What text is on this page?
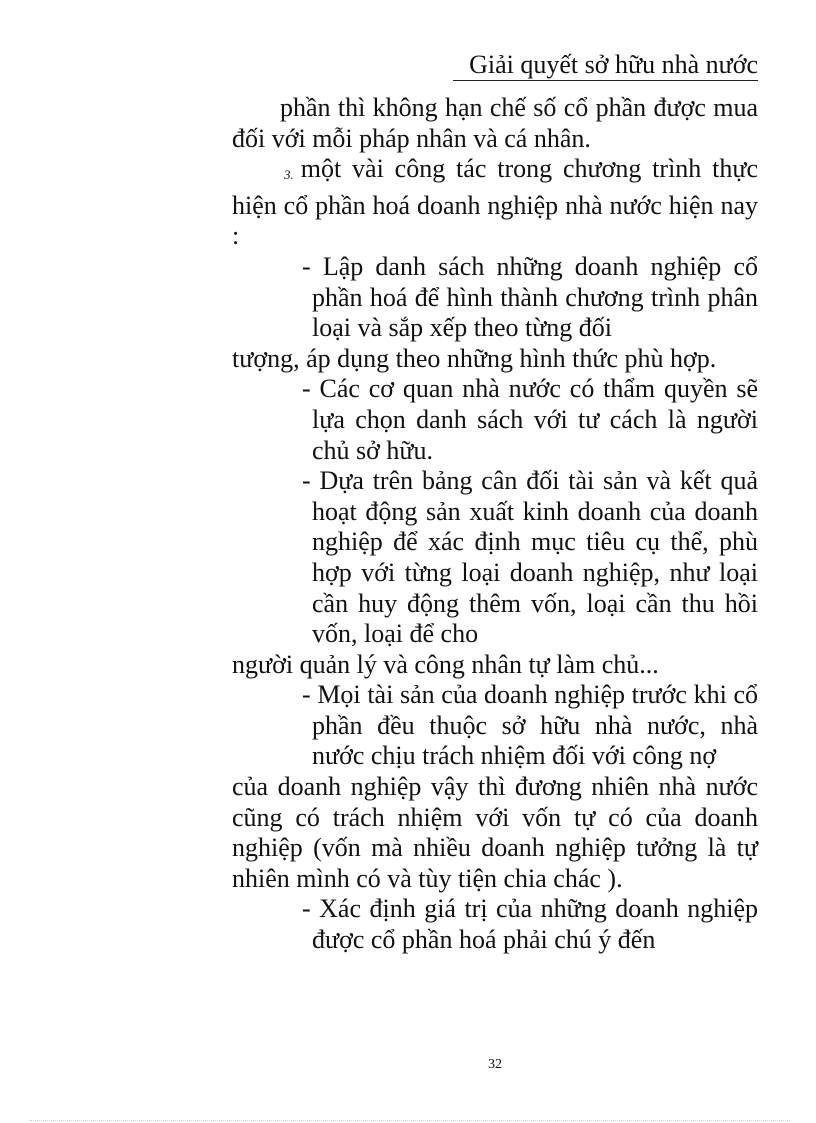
Giải quyết sở hữu nhà nước

phần thì không hạn chế số cổ phần được mua đối với mỗi pháp nhân và cá nhân.

3. một vài công tác trong chương trình thực hiện cổ phần hoá doanh nghiệp nhà nước hiện nay :

- Lập danh sách những doanh nghiệp cổ phần hoá để hình thành chương trình phân loại và sắp xếp theo từng đối

tượng, áp dụng theo những hình thức phù hợp.

- Các cơ quan nhà nước có thẩm quyền sẽ lựa chọn danh sách với tư cách là người chủ sở hữu.

- Dựa trên bảng cân đối tài sản và kết quả hoạt động sản xuất kinh doanh của doanh nghiệp để xác định mục tiêu cụ thể, phù hợp với từng loại doanh nghiệp, như loại cần huy động thêm vốn, loại cần thu hồi vốn, loại để cho

người quản lý và công nhân tự làm chủ...

- Mọi tài sản của doanh nghiệp trước khi cổ phần đều thuộc sở hữu nhà nước, nhà nước chịu trách nhiệm đối với công nợ

của doanh nghiệp vậy thì đương nhiên nhà nước cũng có trách nhiệm với vốn tự có của doanh nghiệp (vốn mà nhiều doanh nghiệp tưởng là tự nhiên mình có và tùy tiện chia chác ).

- Xác định giá trị của những doanh nghiệp được cổ phần hoá phải chú ý đến

32
